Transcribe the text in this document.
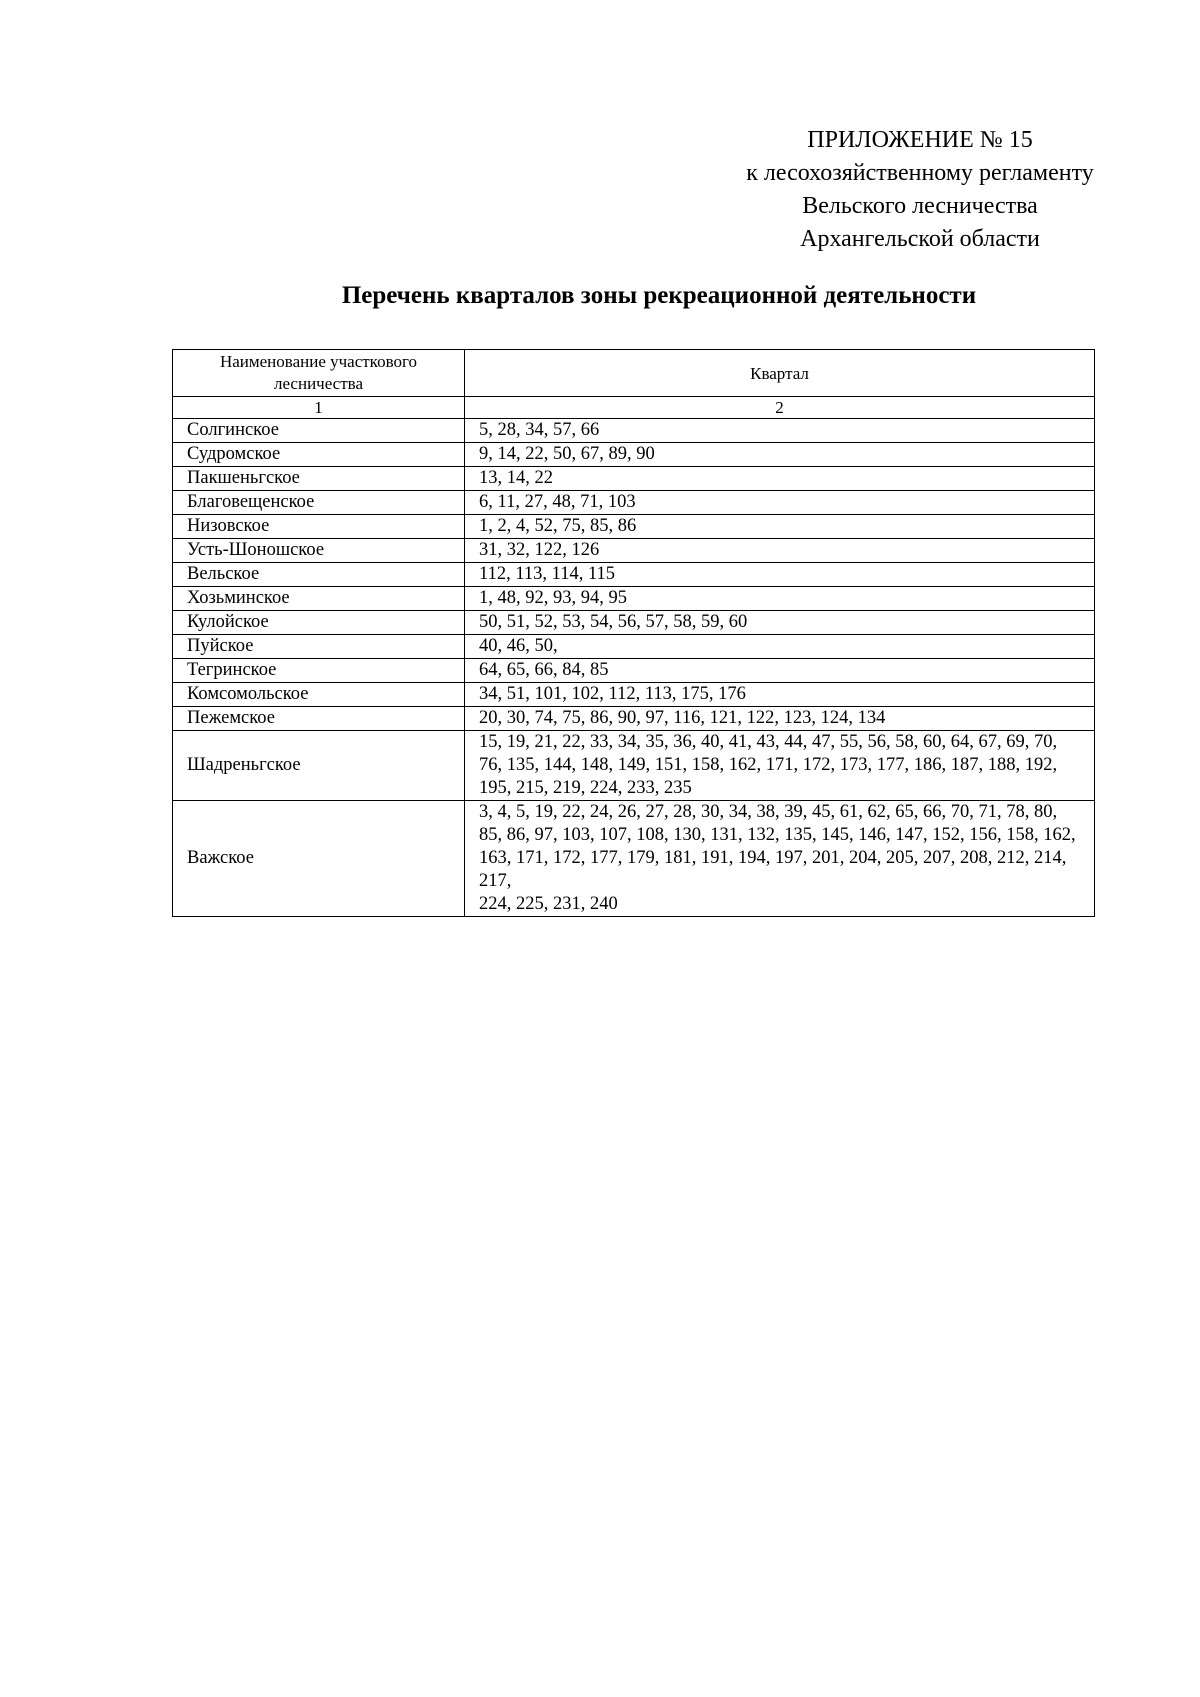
ПРИЛОЖЕНИЕ № 15
к лесохозяйственному регламенту
Вельского лесничества
Архангельской области
Перечень кварталов зоны рекреационной деятельности
Наименование участкового лесничества	Квартал
1	2
Солгинское	5, 28, 34, 57, 66
Судромское	9, 14, 22, 50, 67, 89, 90
Пакшеньгское	13, 14, 22
Благовещенское	6, 11, 27, 48, 71, 103
Низовское	1, 2, 4, 52, 75, 85, 86
Усть-Шоношское	31, 32, 122, 126
Вельское	112, 113, 114, 115
Хозьминское	1, 48, 92, 93, 94, 95
Кулойское	50, 51, 52, 53, 54, 56, 57, 58, 59, 60
Пуйское	40, 46, 50,
Тегринское	64, 65, 66, 84, 85
Комсомольское	34, 51, 101, 102, 112, 113, 175, 176
Пежемское	20, 30, 74, 75, 86, 90, 97, 116, 121, 122, 123, 124, 134
Шадреньгское	15, 19, 21, 22, 33, 34, 35, 36, 40, 41, 43, 44, 47, 55, 56, 58, 60, 64, 67, 69, 70, 76, 135, 144, 148, 149, 151, 158, 162, 171, 172, 173, 177, 186, 187, 188, 192, 195, 215, 219, 224, 233, 235
Важское	3, 4, 5, 19, 22, 24, 26, 27, 28, 30, 34, 38, 39, 45, 61, 62, 65, 66, 70, 71, 78, 80, 85, 86, 97, 103, 107, 108, 130, 131, 132, 135, 145, 146, 147, 152, 156, 158, 162, 163, 171, 172, 177, 179, 181, 191, 194, 197, 201, 204, 205, 207, 208, 212, 214, 217,
224, 225, 231, 240
